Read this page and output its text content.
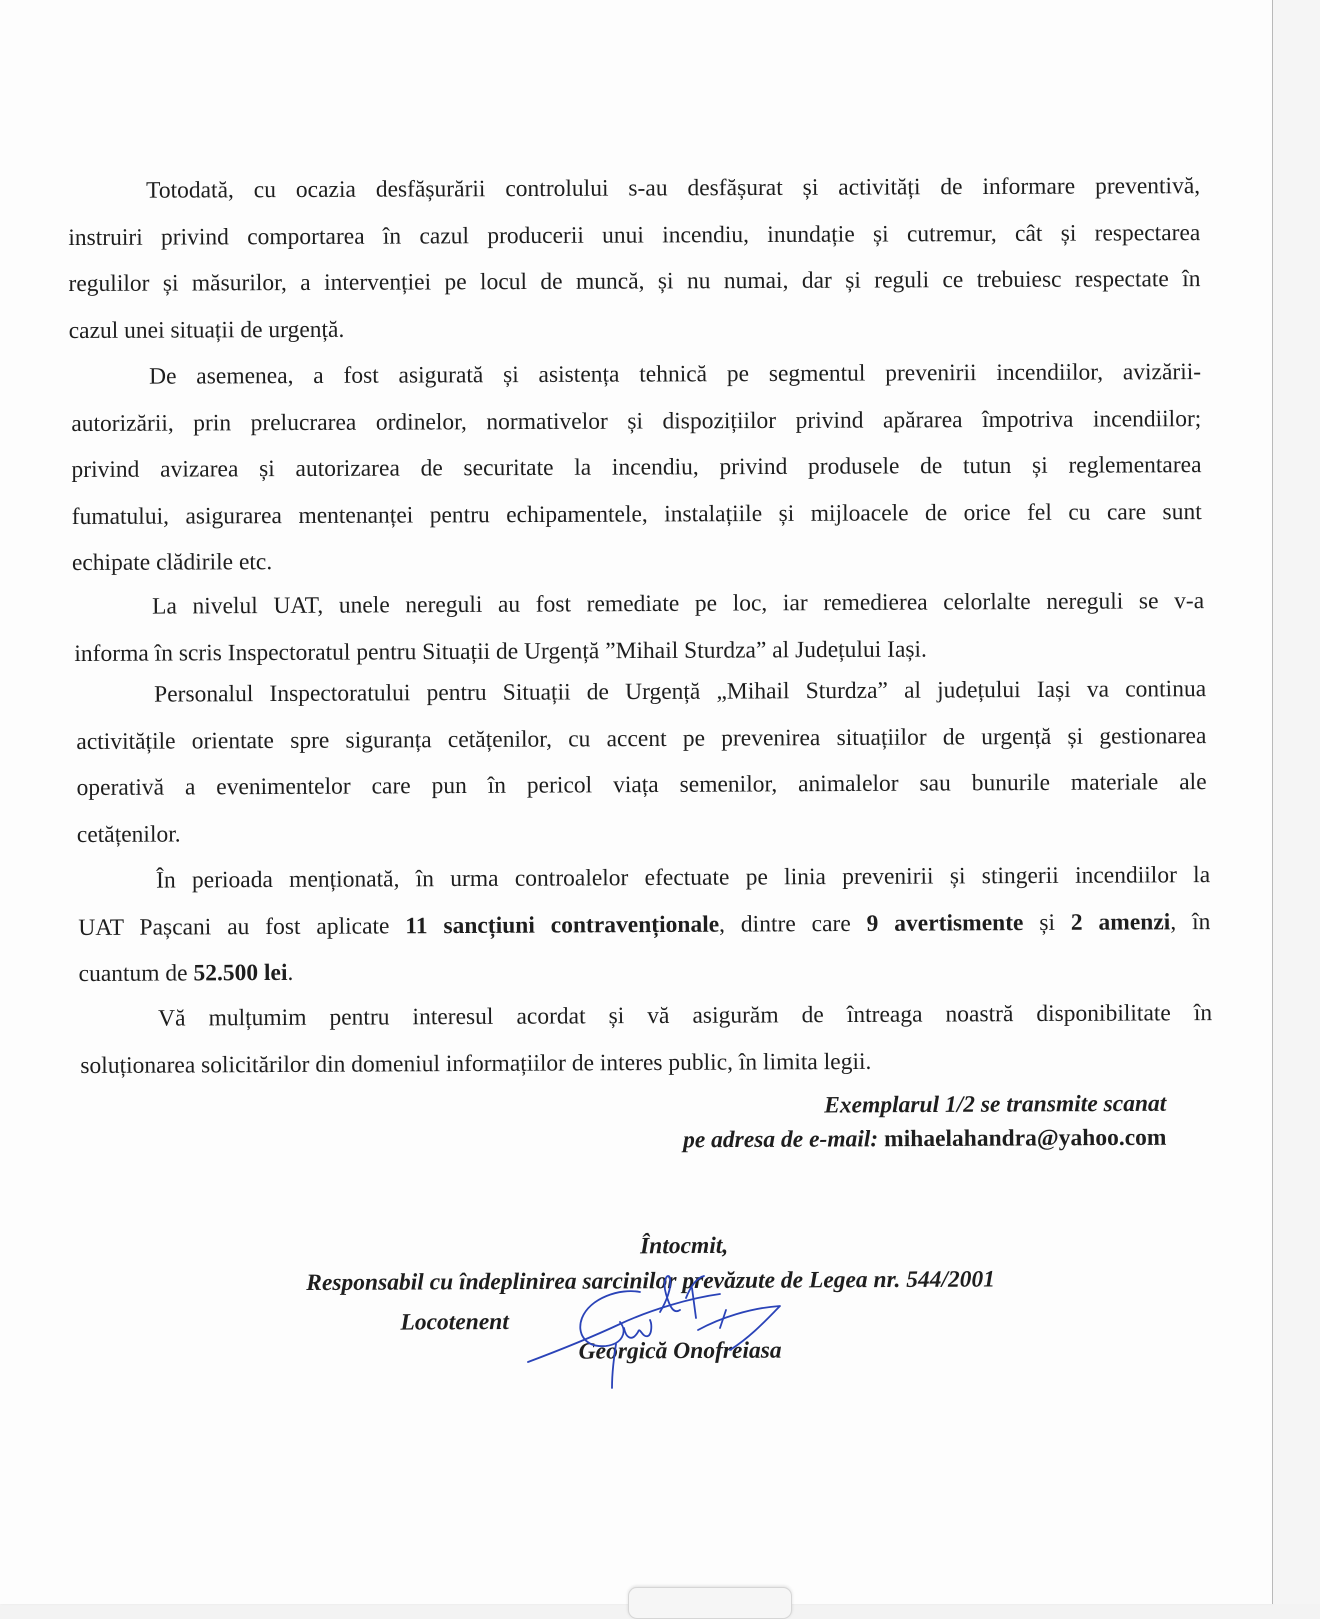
Totodată, cu ocazia desfășurării controlului s-au desfășurat și activități de informare preventivă,
instruiri privind comportarea în cazul producerii unui incendiu, inundație și cutremur, cât și respectarea
regulilor și măsurilor, a intervenției pe locul de muncă, și nu numai, dar și reguli ce trebuiesc respectate în
cazul unei situații de urgență.
De asemenea, a fost asigurată și asistența tehnică pe segmentul prevenirii incendiilor, avizării-
autorizării, prin prelucrarea ordinelor, normativelor și dispozițiilor privind apărarea împotriva incendiilor;
privind avizarea și autorizarea de securitate la incendiu, privind produsele de tutun și reglementarea
fumatului, asigurarea mentenanței pentru echipamentele, instalațiile și mijloacele de orice fel cu care sunt
echipate clădirile etc.
La nivelul UAT, unele nereguli au fost remediate pe loc, iar remedierea celorlalte nereguli se v-a
informa în scris Inspectoratul pentru Situații de Urgență ”Mihail Sturdza” al Județului Iași.
Personalul Inspectoratului pentru Situații de Urgență „Mihail Sturdza” al județului Iași va continua
activitățile orientate spre siguranța cetățenilor, cu accent pe prevenirea situațiilor de urgență și gestionarea
operativă a evenimentelor care pun în pericol viața semenilor, animalelor sau bunurile materiale ale
cetățenilor.
În perioada menționată, în urma controalelor efectuate pe linia prevenirii și stingerii incendiilor la
UAT Pașcani au fost aplicate 11 sancțiuni contravenționale, dintre care 9 avertismente și 2 amenzi, în
cuantum de 52.500 lei.
Vă mulțumim pentru interesul acordat și vă asigurăm de întreaga noastră disponibilitate în
soluționarea solicitărilor din domeniul informațiilor de interes public, în limita legii.
Exemplarul 1/2 se transmite scanat
pe adresa de e-mail: mihaelahandra@yahoo.com
Întocmit,
Responsabil cu îndeplinirea sarcinilor prevăzute de Legea nr. 544/2001
Locotenent
Georgică Onofreiasa
